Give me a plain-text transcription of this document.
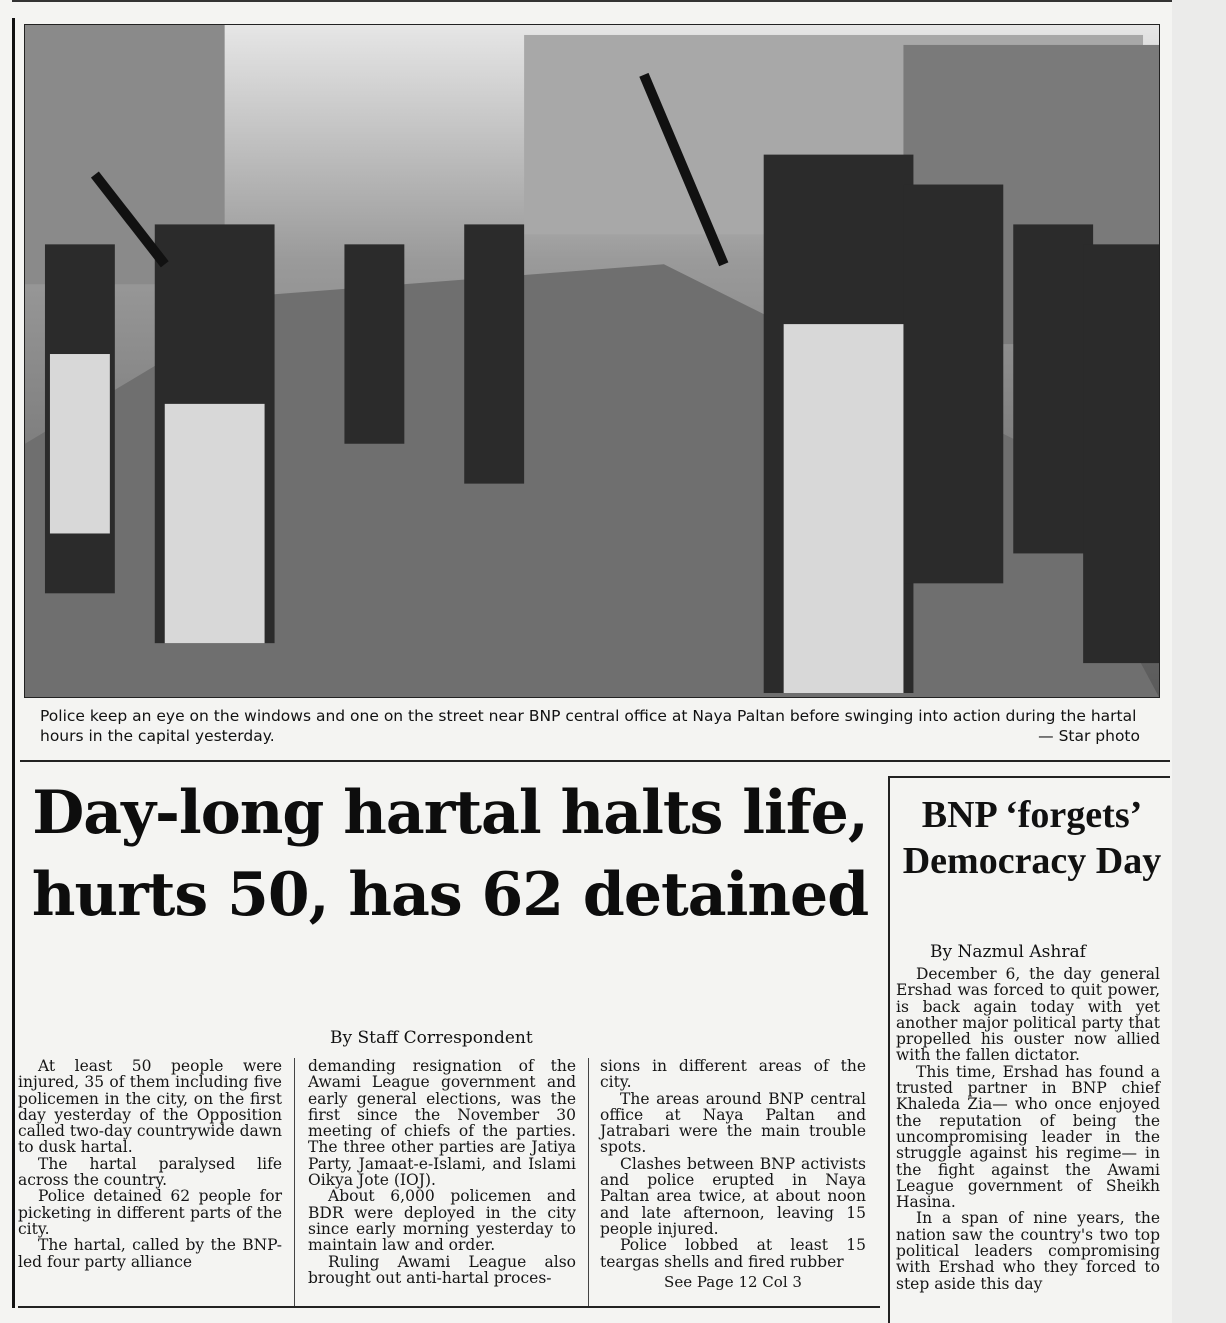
Police keep an eye on the windows and one on the street near BNP central office at Naya Paltan before swinging into action during the hartal hours in the capital yesterday.	— Star photo
Day-long hartal halts life, hurts 50, has 62 detained
By Staff Correspondent

At least 50 people were injured, 35 of them including five policemen in the city, on the first day yesterday of the Opposition called two-day countrywide dawn to dusk hartal.

The hartal paralysed life across the country.

Police detained 62 people for picketing in different parts of the city.

The hartal, called by the BNP-led four party alliance

demanding resignation of the Awami League government and early general elections, was the first since the November 30 meeting of chiefs of the parties. The three other parties are Jatiya Party, Jamaat-e-Islami, and Islami Oikya Jote (IOJ).

About 6,000 policemen and BDR were deployed in the city since early morning yesterday to maintain law and order.

Ruling Awami League also brought out anti-hartal proces-

sions in different areas of the city.

The areas around BNP central office at Naya Paltan and Jatrabari were the main trouble spots.

Clashes between BNP activists and police erupted in Naya Paltan area twice, at about noon and late afternoon, leaving 15 people injured.

Police lobbed at least 15 teargas shells and fired rubber

See Page 12 Col 3

BNP ‘forgets’ Democracy Day
By Nazmul Ashraf

December 6, the day general Ershad was forced to quit power, is back again today with yet another major political party that propelled his ouster now allied with the fallen dictator.

This time, Ershad has found a trusted partner in BNP chief Khaleda Zia— who once enjoyed the reputation of being the uncompromising leader in the struggle against his regime— in the fight against the Awami League government of Sheikh Hasina.

In a span of nine years, the nation saw the country's two top political leaders compromising with Ershad who they forced to step aside this day
